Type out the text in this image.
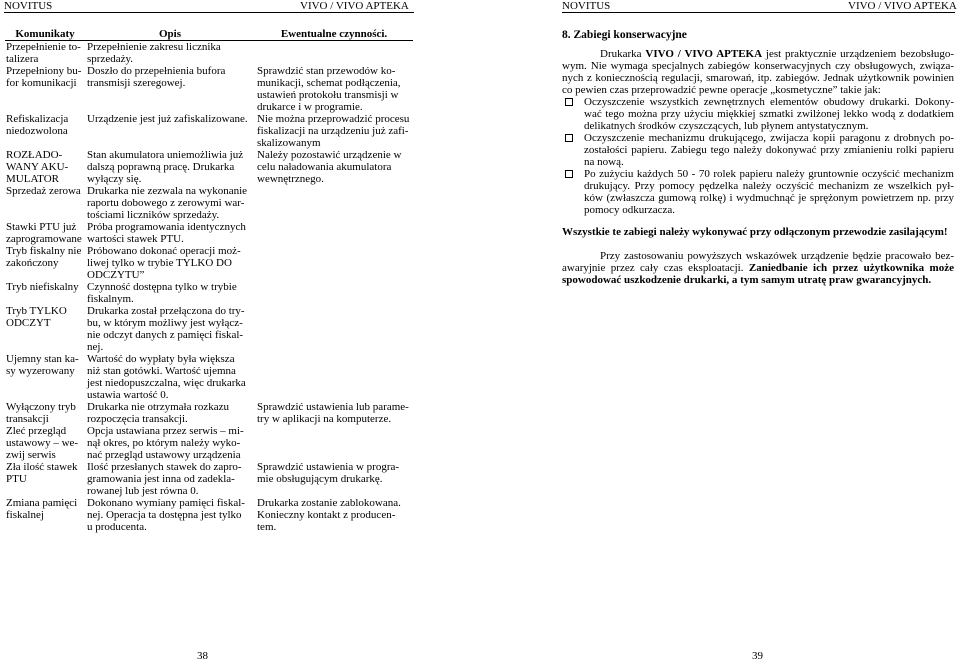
NOVITUS	VIVO / VIVO APTEKA	NOVITUS	VIVO / VIVO APTEKA
Komunikaty	Opis	Ewentualne czynności.

Przepełnienie to-
talizera	Przepełnienie zakresu licznika
sprzedaży.	

Przepełniony bu-
for komunikacji	Doszło do przepełnienia bufora
transmisji szeregowej.	Sprawdzić stan przewodów ko-
munikacji, schemat podłączenia,
ustawień protokołu transmisji w
drukarce i w programie.

Refiskalizacja
niedozwolona	Urządzenie jest już zafiskalizowane.	Nie można przeprowadzić procesu
fiskalizacji na urządzeniu już zafi-
skalizowanym

ROZŁADO-
WANY AKU-
MULATOR	Stan akumulatora uniemożliwia już
dalszą poprawną pracę. Drukarka
wyłączy się.	Należy pozostawić urządzenie w
celu naładowania akumulatora
wewnętrznego.

Sprzedaż zerowa	Drukarka nie zezwala na wykonanie
raportu dobowego z zerowymi war-
tościami liczników sprzedaży.	

Stawki PTU już
zaprogramowane	Próba programowania identycznych
wartości stawek PTU.	

Tryb fiskalny nie
zakończony	Próbowano dokonać operacji moż-
liwej tylko w trybie TYLKO DO
ODCZYTU”	

Tryb niefiskalny	Czynność dostępna tylko w trybie
fiskalnym.	

Tryb TYLKO
ODCZYT	Drukarka został przełączona do try-
bu, w którym możliwy jest wyłącz-
nie odczyt danych z pamięci fiskal-
nej.	

Ujemny stan ka-
sy wyzerowany	Wartość do wypłaty była większa
niż stan gotówki. Wartość ujemna
jest niedopuszczalna, więc drukarka
ustawia wartość 0.	

Wyłączony tryb
transakcji	Drukarka nie otrzymała rozkazu
rozpoczęcia transakcji.	Sprawdzić ustawienia lub parame-
try w aplikacji na komputerze.

Zleć przegląd
ustawowy – we-
zwij serwis	Opcja ustawiana przez serwis – mi-
nął okres, po którym należy wyko-
nać przegląd ustawowy urządzenia	

Zła ilość stawek
PTU	Ilość przesłanych stawek do zapro-
gramowania jest inna od zadekla-
rowanej lub jest równa 0.	Sprawdzić ustawienia w progra-
mie obsługującym drukarkę.

Zmiana pamięci
fiskalnej	Dokonano wymiany pamięci fiskal-
nej. Operacja ta dostępna jest tylko
u producenta.	Drukarka zostanie zablokowana.
Konieczny kontakt z producen-
tem.
8. Zabiegi konserwacyjne

Drukarka VIVO / VIVO APTEKA jest praktycznie urządzeniem bezobsługo-wym. Nie wymaga specjalnych zabiegów konserwacyjnych czy obsługowych, związa-nych z koniecznością regulacji, smarowań, itp. zabiegów. Jednak użytkownik powinien co pewien czas przeprowadzić pewne operacje „kosmetyczne” takie jak:

Oczyszczenie wszystkich zewnętrznych elementów obudowy drukarki. Dokony-wać tego można przy użyciu miękkiej szmatki zwilżonej lekko wodą z dodatkiem delikatnych środków czyszczących, lub płynem antystatycznym.
Oczyszczenie mechanizmu drukującego, zwijacza kopii paragonu z drobnych po-zostałości papieru. Zabiegu tego należy dokonywać przy zmianieniu rolki papieru na nową.
Po zużyciu każdych 50 - 70 rolek papieru należy gruntownie oczyścić mechanizm drukujący. Przy pomocy pędzelka należy oczyścić mechanizm ze wszelkich pył-ków (zwłaszcza gumową rolkę) i wydmuchnąć je sprężonym powietrzem np. przy pomocy odkurzacza.

Wszystkie te zabiegi należy wykonywać przy odłączonym przewodzie zasilającym!

Przy zastosowaniu powyższych wskazówek urządzenie będzie pracowało bez-awaryjnie przez cały czas eksploatacji. Zaniedbanie ich przez użytkownika może spowodować uszkodzenie drukarki, a tym samym utratę praw gwarancyjnych.

38	39
